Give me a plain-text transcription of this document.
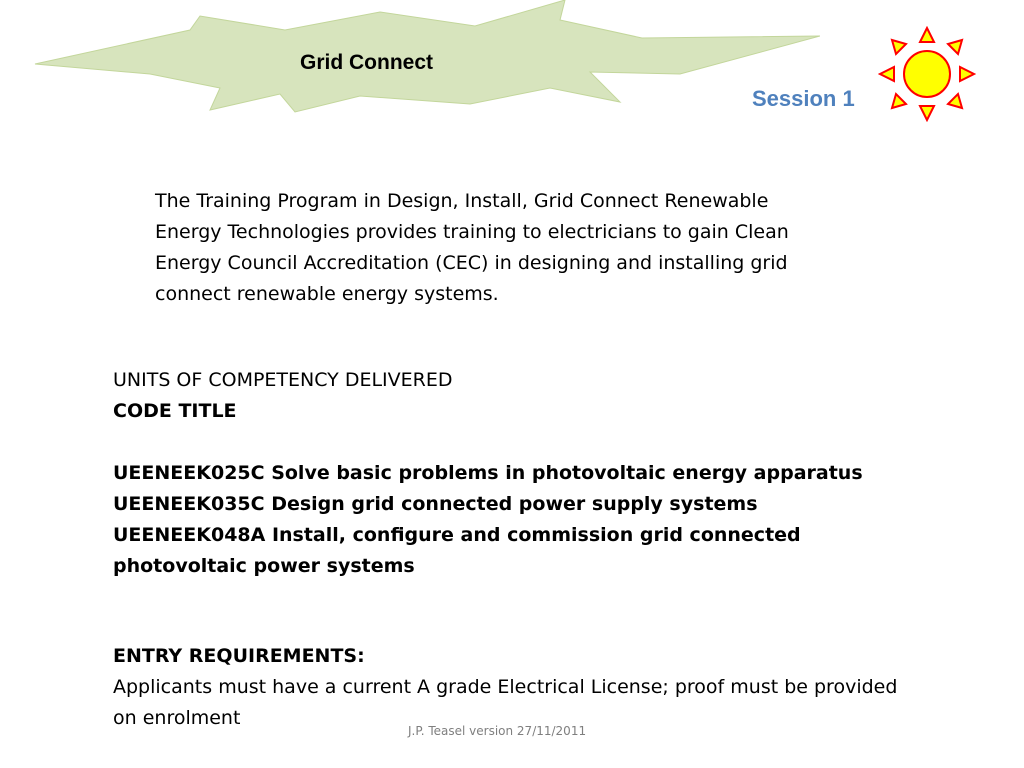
Grid Connect
Session 1

The Training Program in Design, Install, Grid Connect Renewable Energy Technologies provides training to electricians to gain Clean Energy Council Accreditation (CEC) in designing and installing grid connect renewable energy systems.

UNITS OF COMPETENCY DELIVERED
CODE TITLE
UEENEEK025C Solve basic problems in photovoltaic energy apparatus
UEENEEK035C Design grid connected power supply systems
UEENEEK048A Install, configure and commission grid connected photovoltaic power systems
ENTRY REQUIREMENTS:
Applicants must have a current A grade Electrical License; proof must be provided on enrolment
J.P. Teasel version 27/11/2011
